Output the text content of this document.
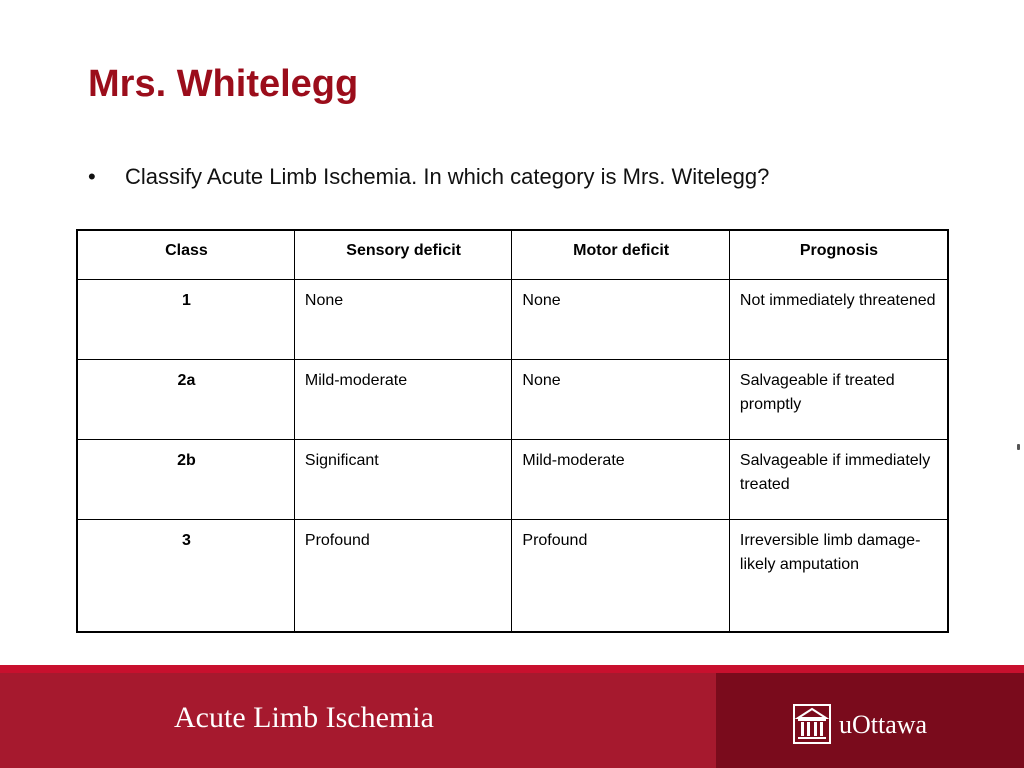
Mrs. Whitelegg
•	Classify Acute Limb Ischemia. In which category is Mrs. Witelegg?
Class	Sensory deficit	Motor deficit	Prognosis
1	None	None	Not immediately threatened
2a	Mild-moderate	None	Salvageable if treated promptly
2b	Significant	Mild-moderate	Salvageable if immediately treated
3	Profound	Profound	Irreversible limb damage- likely amputation
Acute Limb Ischemia	uOttawa
